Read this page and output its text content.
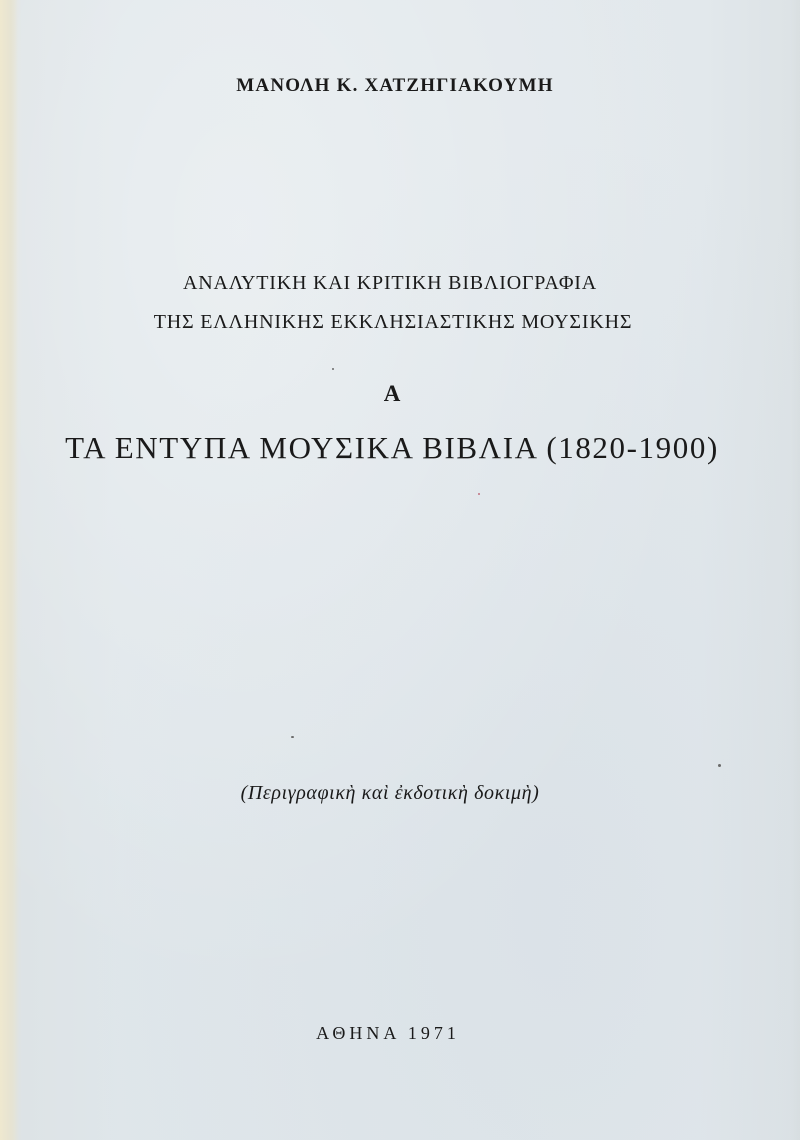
ΜΑΝΟΛΗ Κ. ΧΑΤΖΗΓΙΑΚΟΥΜΗ
ΑΝΑΛΥΤΙΚΗ ΚΑΙ ΚΡΙΤΙΚΗ ΒΙΒΛΙΟΓΡΑΦΙΑ
ΤΗΣ ΕΛΛΗΝΙΚΗΣ ΕΚΚΛΗΣΙΑΣΤΙΚΗΣ ΜΟΥΣΙΚΗΣ
Α
ΤΑ ΕΝΤΥΠΑ ΜΟΥΣΙΚΑ ΒΙΒΛΙΑ (1820-1900)
(Περιγραφικὴ καὶ ἐκδοτικὴ δοκιμὴ)
ΑΘΗΝΑ 1971
